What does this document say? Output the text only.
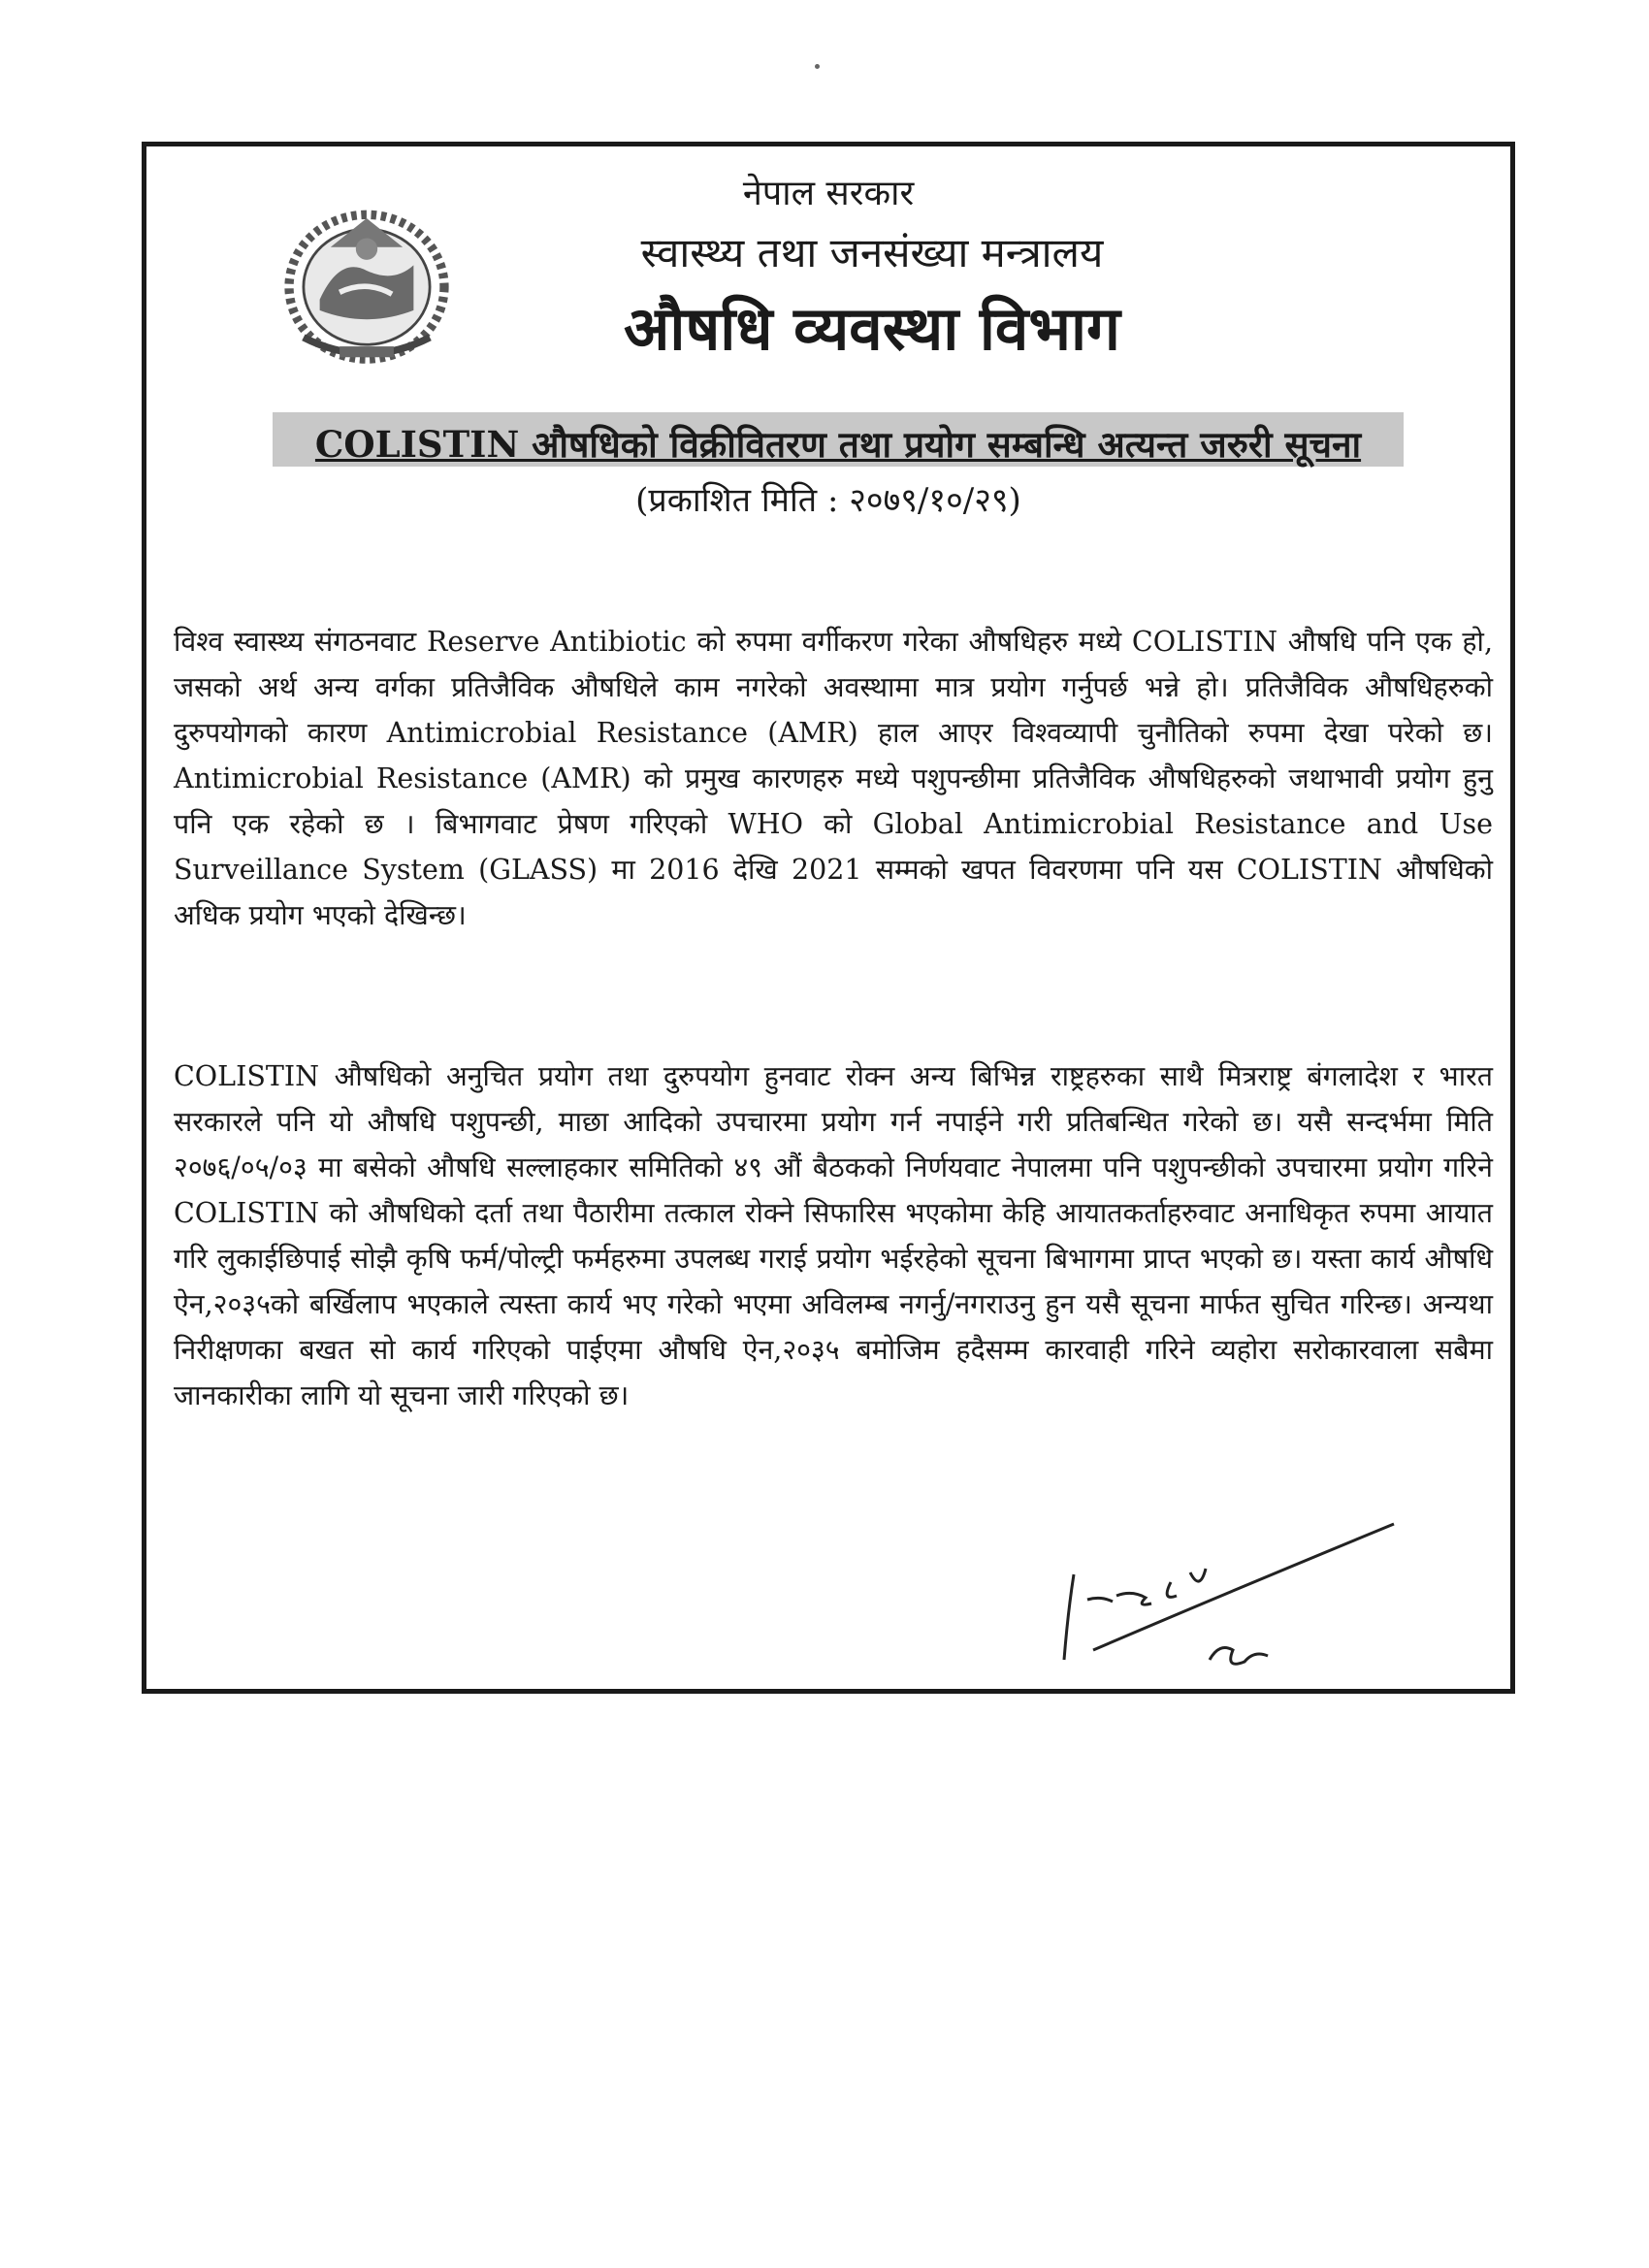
नेपाल सरकार
स्वास्थ्य तथा जनसंख्या मन्त्रालय
औषधि व्यवस्था विभाग
COLISTIN औषधिको विक्रीवितरण तथा प्रयोग सम्बन्धि अत्यन्त जरुरी सूचना
(प्रकाशित मिति : २०७९/१०/२९)

विश्व स्वास्थ्य संगठनवाट Reserve Antibiotic को रुपमा वर्गीकरण गरेका औषधिहरु मध्ये COLISTIN औषधि पनि एक हो, जसको अर्थ अन्य वर्गका प्रतिजैविक औषधिले काम नगरेको अवस्थामा मात्र प्रयोग गर्नुपर्छ भन्ने हो। प्रतिजैविक औषधिहरुको दुरुपयोगको कारण Antimicrobial Resistance (AMR) हाल आएर विश्वव्यापी चुनौतिको रुपमा देखा परेको छ। Antimicrobial Resistance (AMR) को प्रमुख कारणहरु मध्ये पशुपन्छीमा प्रतिजैविक औषधिहरुको जथाभावी प्रयोग हुनु पनि एक रहेको छ । बिभागवाट प्रेषण गरिएको WHO को Global Antimicrobial Resistance and Use Surveillance System (GLASS) मा 2016 देखि 2021 सम्मको खपत विवरणमा पनि यस COLISTIN औषधिको अधिक प्रयोग भएको देखिन्छ।

COLISTIN औषधिको अनुचित प्रयोग तथा दुरुपयोग हुनवाट रोक्न अन्य बिभिन्न राष्ट्रहरुका साथै मित्रराष्ट्र बंगलादेश र भारत सरकारले पनि यो औषधि पशुपन्छी, माछा आदिको उपचारमा प्रयोग गर्न नपाईने गरी प्रतिबन्धित गरेको छ। यसै सन्दर्भमा मिति २०७६/०५/०३ मा बसेको औषधि सल्लाहकार समितिको ४९ औं बैठकको निर्णयवाट नेपालमा पनि पशुपन्छीको उपचारमा प्रयोग गरिने COLISTIN को औषधिको दर्ता तथा पैठारीमा तत्काल रोक्ने सिफारिस भएकोमा केहि आयातकर्ताहरुवाट अनाधिकृत रुपमा आयात गरि लुकाईछिपाई सोझै कृषि फर्म/पोल्ट्री फर्महरुमा उपलब्ध गराई प्रयोग भईरहेको सूचना बिभागमा प्राप्त भएको छ। यस्ता कार्य औषधि ऐन,२०३५को बर्खिलाप भएकाले त्यस्ता कार्य भए गरेको भएमा अविलम्ब नगर्नु/नगराउनु हुन यसै सूचना मार्फत सुचित गरिन्छ। अन्यथा निरीक्षणका बखत सो कार्य गरिएको पाईएमा औषधि ऐन,२०३५ बमोजिम हदैसम्म कारवाही गरिने व्यहोरा सरोकारवाला सबैमा जानकारीका लागि यो सूचना जारी गरिएको छ।
